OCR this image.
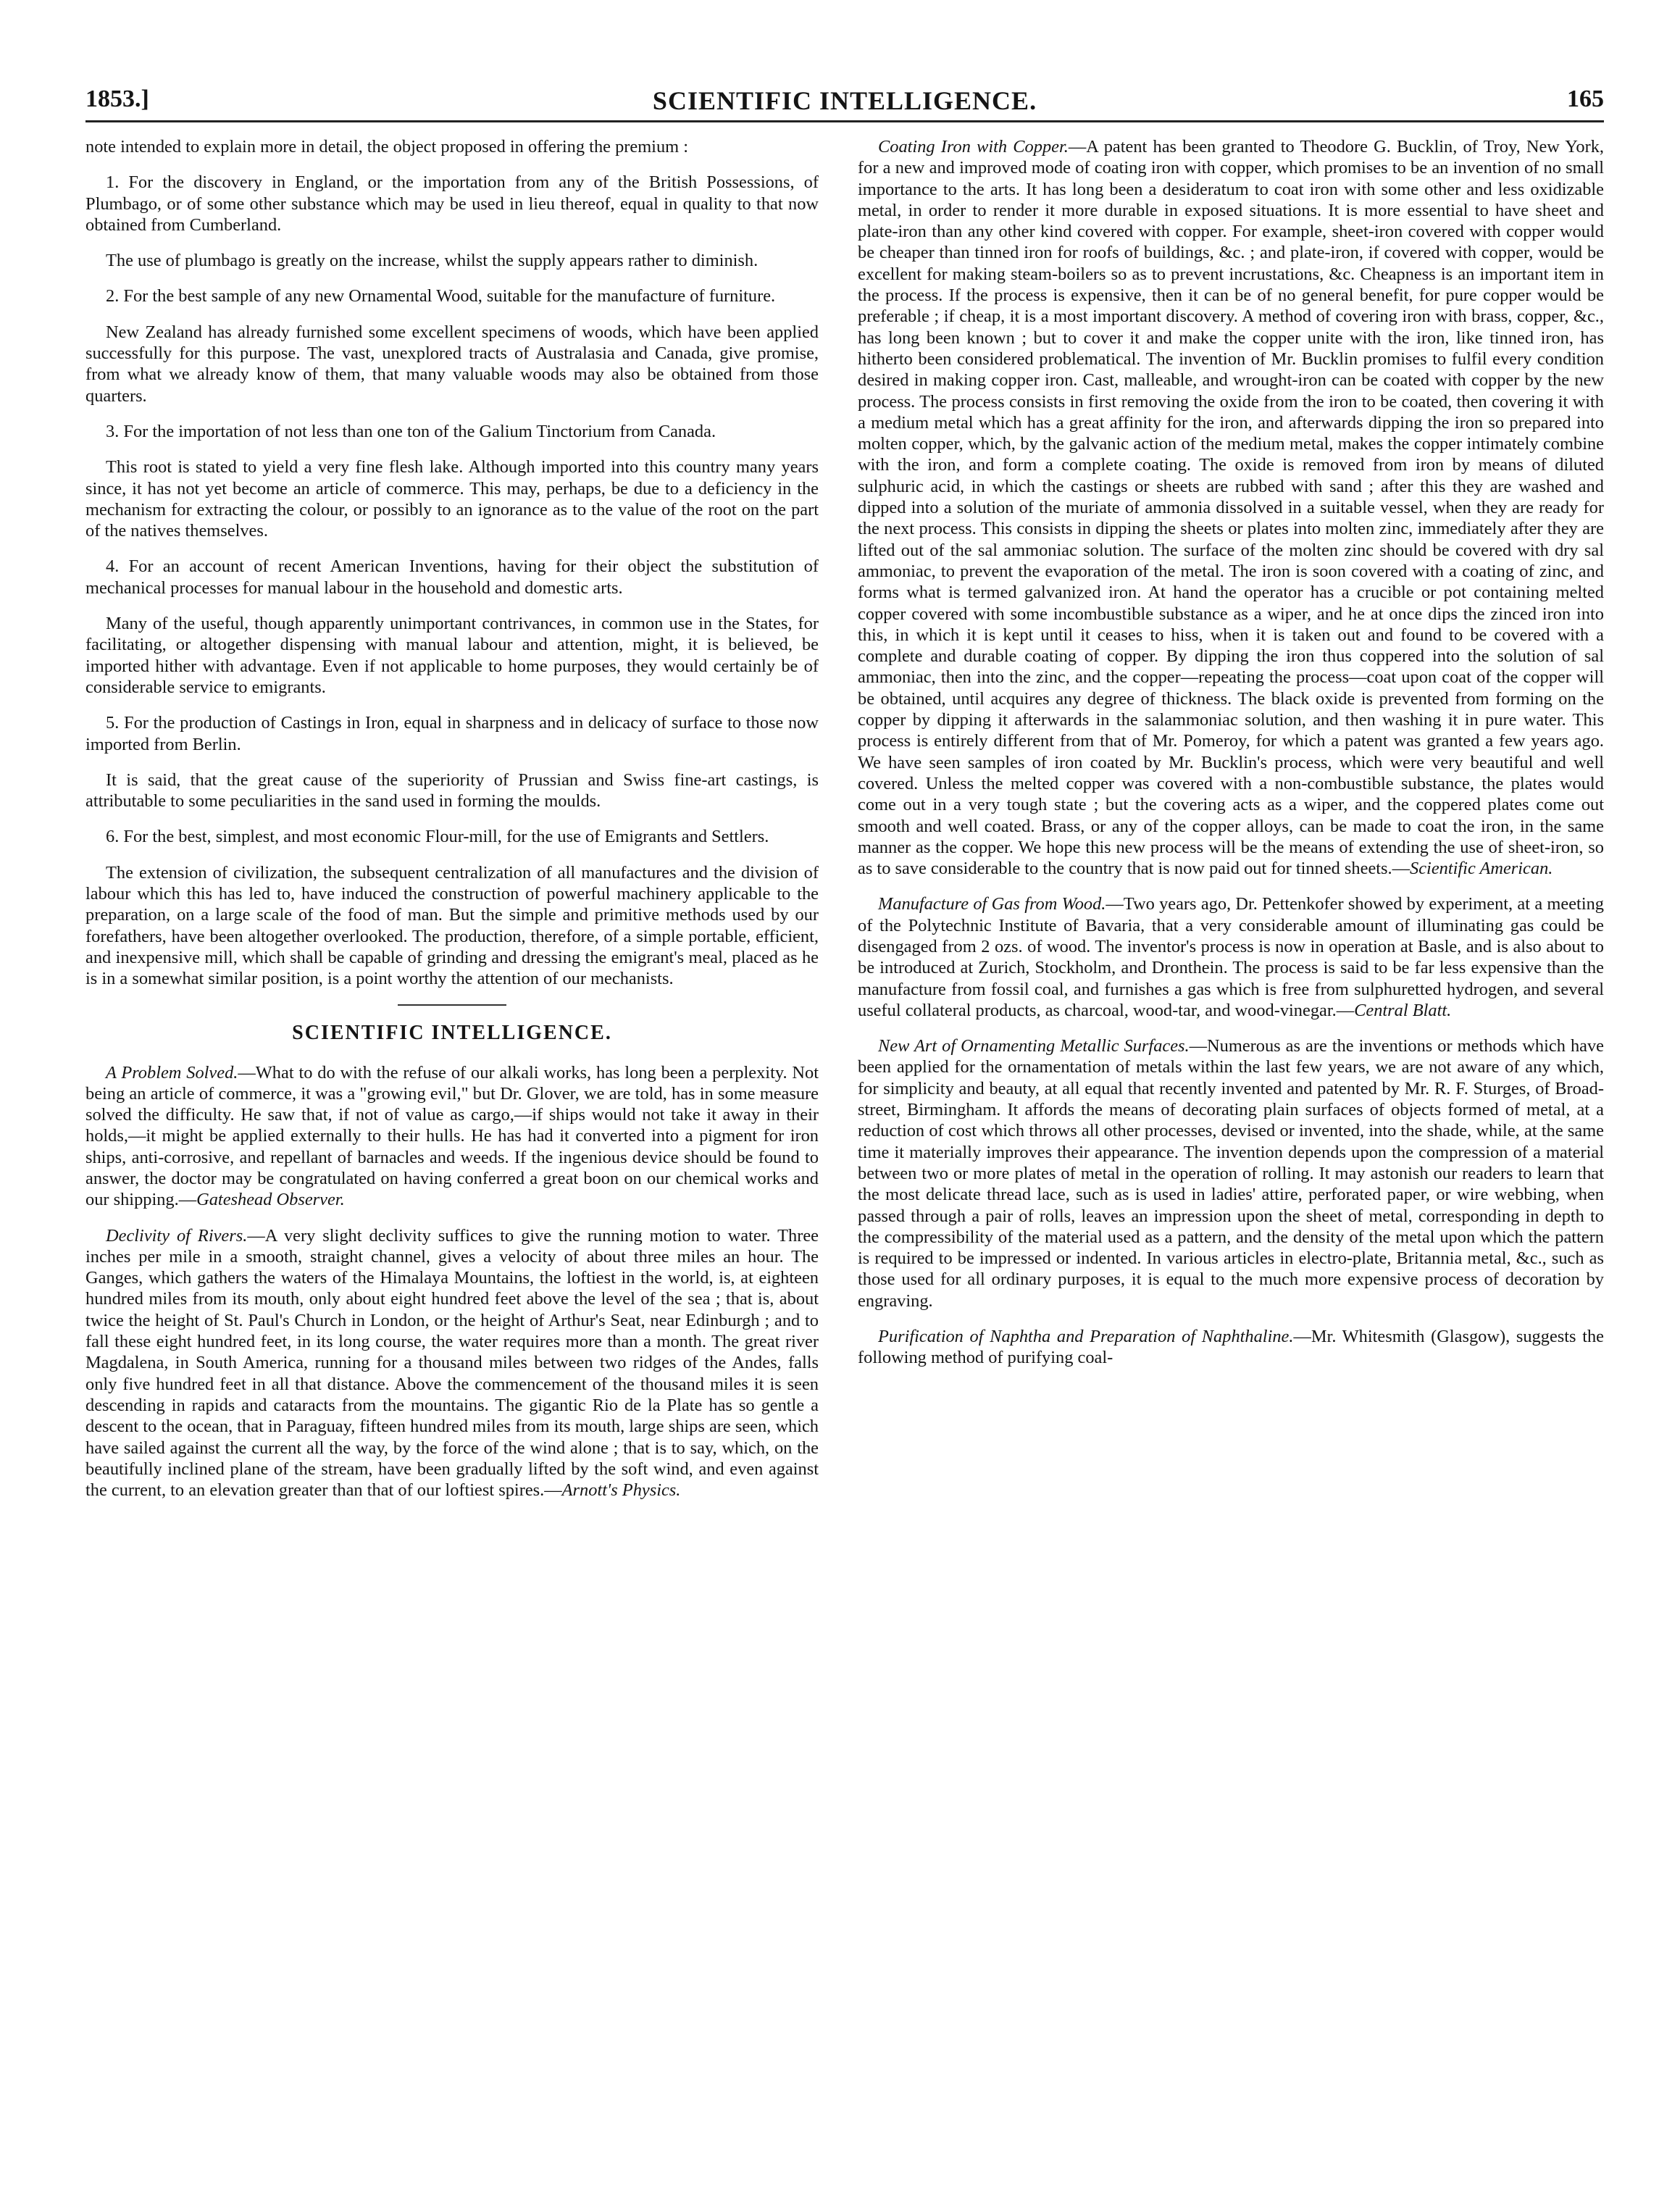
1853.]	SCIENTIFIC INTELLIGENCE.	165

note intended to explain more in detail, the object proposed in offering the premium :

1. For the discovery in England, or the importation from any of the British Possessions, of Plumbago, or of some other substance which may be used in lieu thereof, equal in quality to that now obtained from Cumberland.

The use of plumbago is greatly on the increase, whilst the supply appears rather to diminish.

2. For the best sample of any new Ornamental Wood, suitable for the manufacture of furniture.

New Zealand has already furnished some excellent specimens of woods, which have been applied successfully for this purpose. The vast, unexplored tracts of Australasia and Canada, give promise, from what we already know of them, that many valuable woods may also be obtained from those quarters.

3. For the importation of not less than one ton of the Galium Tinctorium from Canada.

This root is stated to yield a very fine flesh lake. Although imported into this country many years since, it has not yet become an article of commerce. This may, perhaps, be due to a deficiency in the mechanism for extracting the colour, or possibly to an ignorance as to the value of the root on the part of the natives themselves.

4. For an account of recent American Inventions, having for their object the substitution of mechanical processes for manual labour in the household and domestic arts.

Many of the useful, though apparently unimportant contrivances, in common use in the States, for facilitating, or altogether dispensing with manual labour and attention, might, it is believed, be imported hither with advantage. Even if not applicable to home purposes, they would certainly be of considerable service to emigrants.

5. For the production of Castings in Iron, equal in sharpness and in delicacy of surface to those now imported from Berlin.

It is said, that the great cause of the superiority of Prussian and Swiss fine-art castings, is attributable to some peculiarities in the sand used in forming the moulds.

6. For the best, simplest, and most economic Flour-mill, for the use of Emigrants and Settlers.

The extension of civilization, the subsequent centralization of all manufactures and the division of labour which this has led to, have induced the construction of powerful machinery applicable to the preparation, on a large scale of the food of man. But the simple and primitive methods used by our forefathers, have been altogether overlooked. The production, therefore, of a simple portable, efficient, and inexpensive mill, which shall be capable of grinding and dressing the emigrant's meal, placed as he is in a somewhat similar position, is a point worthy the attention of our mechanists.

SCIENTIFIC INTELLIGENCE.

A Problem Solved.—What to do with the refuse of our alkali works, has long been a perplexity. Not being an article of commerce, it was a "growing evil," but Dr. Glover, we are told, has in some measure solved the difficulty. He saw that, if not of value as cargo,—if ships would not take it away in their holds,—it might be applied externally to their hulls. He has had it converted into a pigment for iron ships, anti-corrosive, and repellant of barnacles and weeds. If the ingenious device should be found to answer, the doctor may be congratulated on having conferred a great boon on our chemical works and our shipping.—Gateshead Observer.

Declivity of Rivers.—A very slight declivity suffices to give the running motion to water. Three inches per mile in a smooth, straight channel, gives a velocity of about three miles an hour. The Ganges, which gathers the waters of the Himalaya Mountains, the loftiest in the world, is, at eighteen hundred miles from its mouth, only about eight hundred feet above the level of the sea ; that is, about twice the height of St. Paul's Church in London, or the height of Arthur's Seat, near Edinburgh ; and to fall these eight hundred feet, in its long course, the water requires more than a month. The great river Magdalena, in South America, running for a thousand miles between two ridges of the Andes, falls only five hundred feet in all that distance. Above the commencement of the thousand miles it is seen descending in rapids and cataracts from the mountains. The gigantic Rio de la Plate has so gentle a descent to the ocean, that in Paraguay, fifteen hundred miles from its mouth, large ships are seen, which have sailed against the current all the way, by the force of the wind alone ; that is to say, which, on the beautifully inclined plane of the stream, have been gradually lifted by the soft wind, and even against the current, to an elevation greater than that of our loftiest spires.—Arnott's Physics.

Coating Iron with Copper.—A patent has been granted to Theodore G. Bucklin, of Troy, New York, for a new and improved mode of coating iron with copper, which promises to be an invention of no small importance to the arts. It has long been a desideratum to coat iron with some other and less oxidizable metal, in order to render it more durable in exposed situations. It is more essential to have sheet and plate-iron than any other kind covered with copper. For example, sheet-iron covered with copper would be cheaper than tinned iron for roofs of buildings, &c. ; and plate-iron, if covered with copper, would be excellent for making steam-boilers so as to prevent incrustations, &c. Cheapness is an important item in the process. If the process is expensive, then it can be of no general benefit, for pure copper would be preferable ; if cheap, it is a most important discovery. A method of covering iron with brass, copper, &c., has long been known ; but to cover it and make the copper unite with the iron, like tinned iron, has hitherto been considered problematical. The invention of Mr. Bucklin promises to fulfil every condition desired in making copper iron. Cast, malleable, and wrought-iron can be coated with copper by the new process. The process consists in first removing the oxide from the iron to be coated, then covering it with a medium metal which has a great affinity for the iron, and afterwards dipping the iron so prepared into molten copper, which, by the galvanic action of the medium metal, makes the copper intimately combine with the iron, and form a complete coating. The oxide is removed from iron by means of diluted sulphuric acid, in which the castings or sheets are rubbed with sand ; after this they are washed and dipped into a solution of the muriate of ammonia dissolved in a suitable vessel, when they are ready for the next process. This consists in dipping the sheets or plates into molten zinc, immediately after they are lifted out of the sal ammoniac solution. The surface of the molten zinc should be covered with dry sal ammoniac, to prevent the evaporation of the metal. The iron is soon covered with a coating of zinc, and forms what is termed galvanized iron. At hand the operator has a crucible or pot containing melted copper covered with some incombustible substance as a wiper, and he at once dips the zinced iron into this, in which it is kept until it ceases to hiss, when it is taken out and found to be covered with a complete and durable coating of copper. By dipping the iron thus coppered into the solution of sal ammoniac, then into the zinc, and the copper—repeating the process—coat upon coat of the copper will be obtained, until acquires any degree of thickness. The black oxide is prevented from forming on the copper by dipping it afterwards in the salammoniac solution, and then washing it in pure water. This process is entirely different from that of Mr. Pomeroy, for which a patent was granted a few years ago. We have seen samples of iron coated by Mr. Bucklin's process, which were very beautiful and well covered. Unless the melted copper was covered with a non-combustible substance, the plates would come out in a very tough state ; but the covering acts as a wiper, and the coppered plates come out smooth and well coated. Brass, or any of the copper alloys, can be made to coat the iron, in the same manner as the copper. We hope this new process will be the means of extending the use of sheet-iron, so as to save considerable to the country that is now paid out for tinned sheets.—Scientific American.

Manufacture of Gas from Wood.—Two years ago, Dr. Pettenkofer showed by experiment, at a meeting of the Polytechnic Institute of Bavaria, that a very considerable amount of illuminating gas could be disengaged from 2 ozs. of wood. The inventor's process is now in operation at Basle, and is also about to be introduced at Zurich, Stockholm, and Dronthein. The process is said to be far less expensive than the manufacture from fossil coal, and furnishes a gas which is free from sulphuretted hydrogen, and several useful collateral products, as charcoal, wood-tar, and wood-vinegar.—Central Blatt.

New Art of Ornamenting Metallic Surfaces.—Numerous as are the inventions or methods which have been applied for the ornamentation of metals within the last few years, we are not aware of any which, for simplicity and beauty, at all equal that recently invented and patented by Mr. R. F. Sturges, of Broad-street, Birmingham. It affords the means of decorating plain surfaces of objects formed of metal, at a reduction of cost which throws all other processes, devised or invented, into the shade, while, at the same time it materially improves their appearance. The invention depends upon the compression of a material between two or more plates of metal in the operation of rolling. It may astonish our readers to learn that the most delicate thread lace, such as is used in ladies' attire, perforated paper, or wire webbing, when passed through a pair of rolls, leaves an impression upon the sheet of metal, corresponding in depth to the compressibility of the material used as a pattern, and the density of the metal upon which the pattern is required to be impressed or indented. In various articles in electro-plate, Britannia metal, &c., such as those used for all ordinary purposes, it is equal to the much more expensive process of decoration by engraving.

Purification of Naphtha and Preparation of Naphthaline.—Mr. Whitesmith (Glasgow), suggests the following method of purifying coal-
